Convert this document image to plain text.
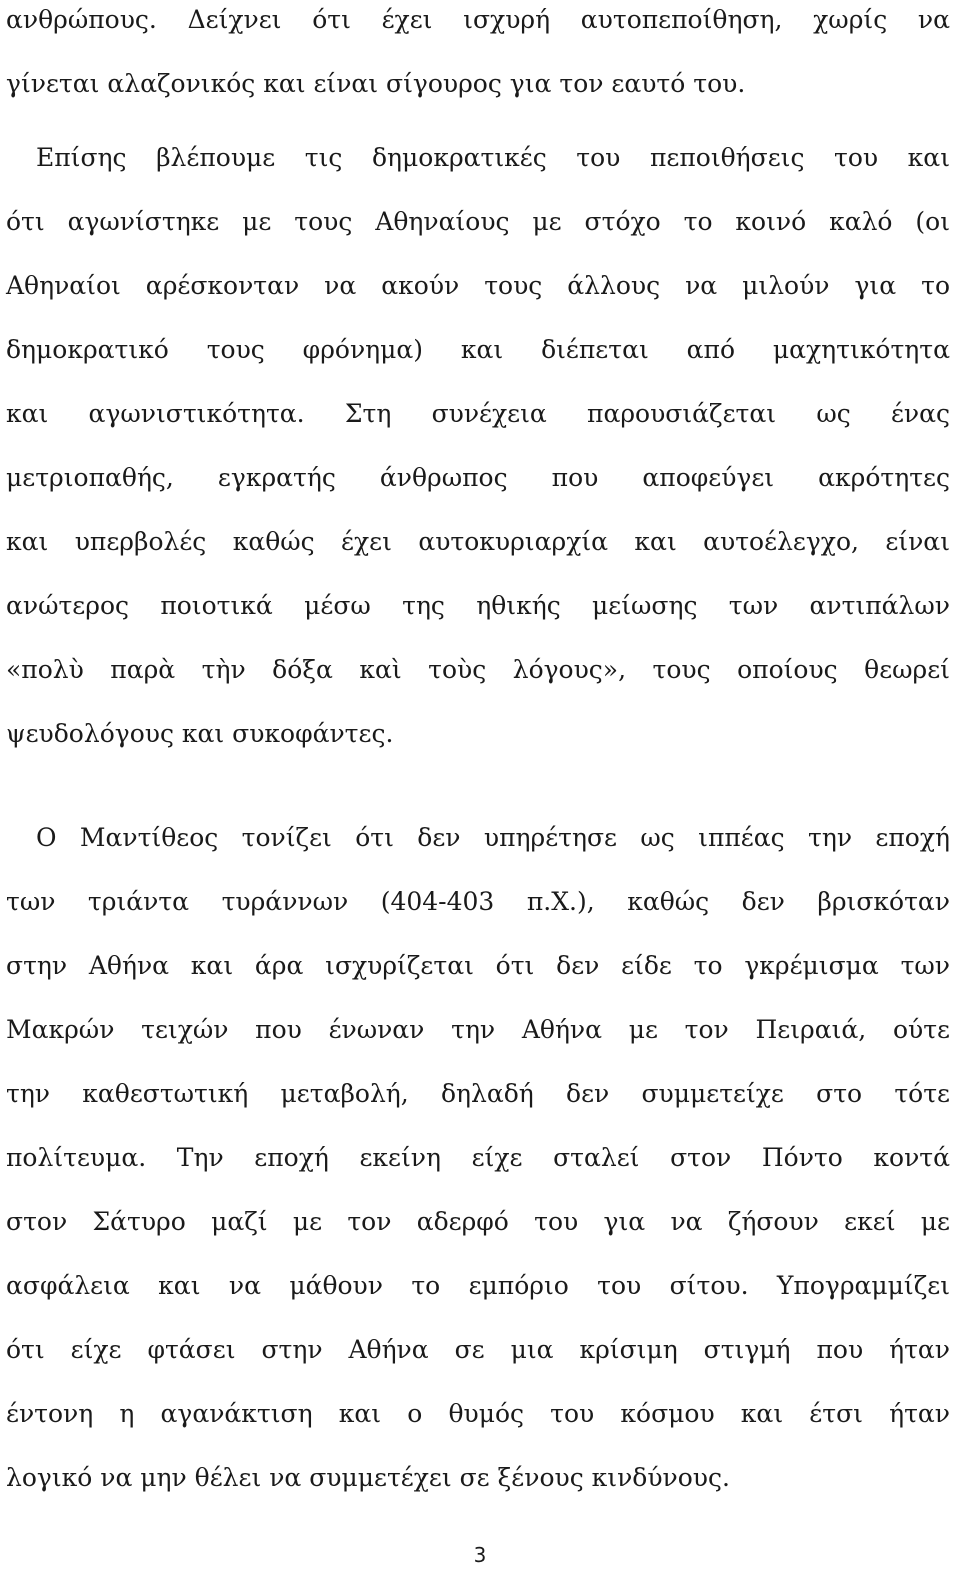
ανθρώπους. Δείχνει ότι έχει ισχυρή αυτοπεποίθηση, χωρίς να
γίνεται αλαζονικός και είναι σίγουρος για τον εαυτό του.
Επίσης βλέπουμε τις δημοκρατικές του πεποιθήσεις του και
ότι αγωνίστηκε με τους Αθηναίους με στόχο το κοινό καλό (οι
Αθηναίοι αρέσκονταν να ακούν τους άλλους να μιλούν για το
δημοκρατικό τους φρόνημα) και διέπεται από μαχητικότητα
και αγωνιστικότητα. Στη συνέχεια παρουσιάζεται ως ένας
μετριοπαθής, εγκρατής άνθρωπος που αποφεύγει ακρότητες
και υπερβολές καθώς έχει αυτοκυριαρχία και αυτοέλεγχο, είναι
ανώτερος ποιοτικά μέσω της ηθικής μείωσης των αντιπάλων
«πολὺ παρὰ τὴν δόξα καὶ τοὺς λόγους», τους οποίους θεωρεί
ψευδολόγους και συκοφάντες.
Ο Μαντίθεος τονίζει ότι δεν υπηρέτησε ως ιππέας την εποχή
των τριάντα τυράννων (404-403 π.Χ.), καθώς δεν βρισκόταν
στην Αθήνα και άρα ισχυρίζεται ότι δεν είδε το γκρέμισμα των
Μακρών τειχών που ένωναν την Αθήνα με τον Πειραιά, ούτε
την καθεστωτική μεταβολή, δηλαδή δεν συμμετείχε στο τότε
πολίτευμα. Την εποχή εκείνη είχε σταλεί στον Πόντο κοντά
στον Σάτυρο μαζί με τον αδερφό του για να ζήσουν εκεί με
ασφάλεια και να μάθουν το εμπόριο του σίτου. Υπογραμμίζει
ότι είχε φτάσει στην Αθήνα σε μια κρίσιμη στιγμή που ήταν
έντονη η αγανάκτιση και ο θυμός του κόσμου και έτσι ήταν
λογικό να μην θέλει να συμμετέχει σε ξένους κινδύνους.
3
